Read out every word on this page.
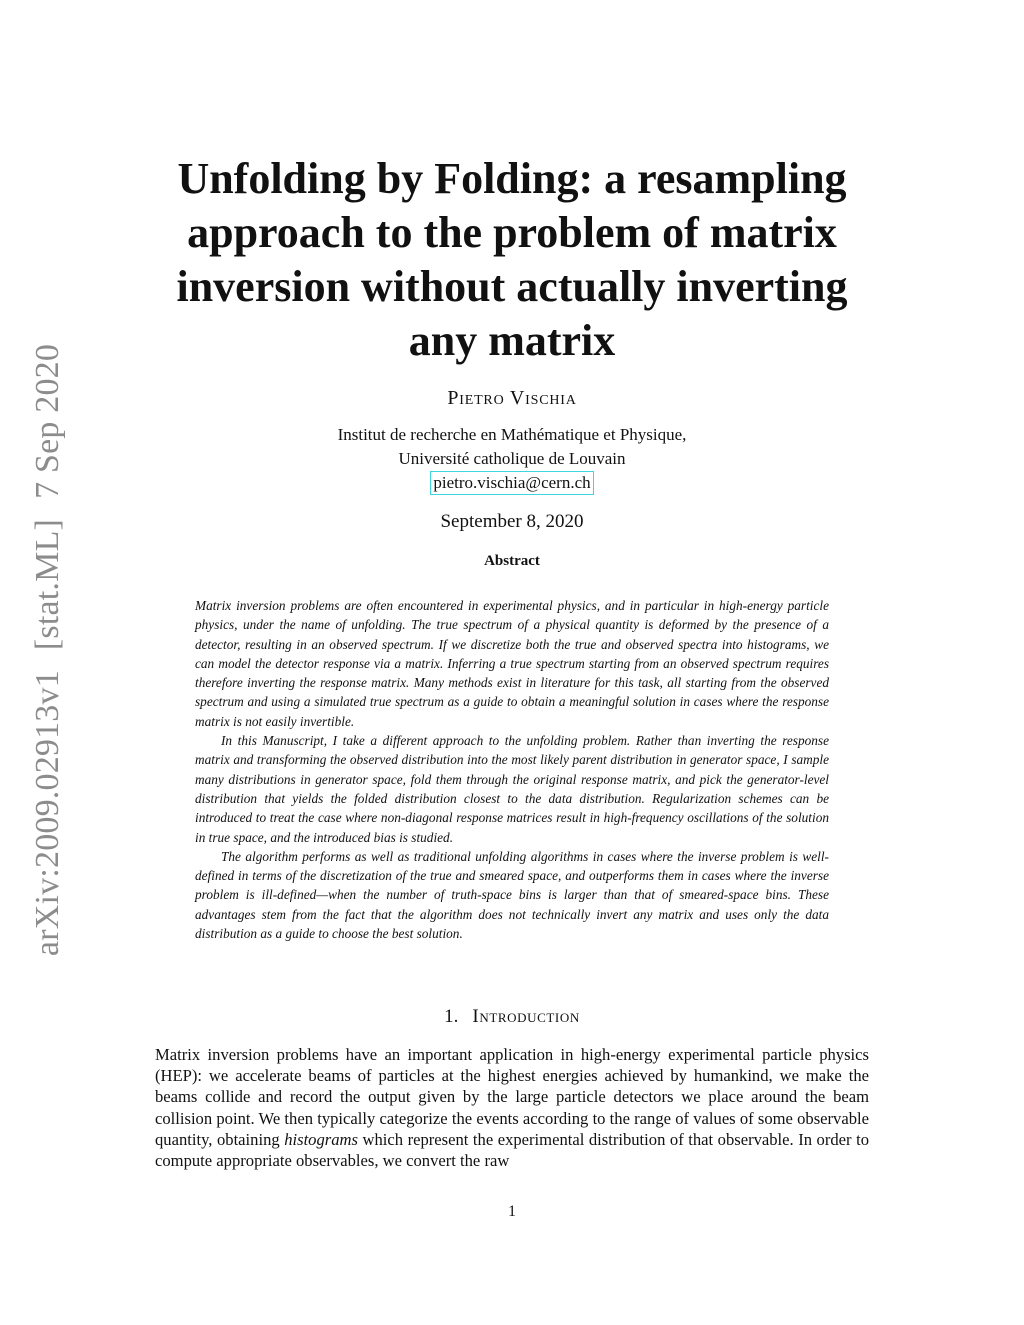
arXiv:2009.02913v1[stat.ML]7 Sep 2020
Unfolding by Folding: a resampling approach to the problem of matrix inversion without actually inverting any matrix
Pietro Vischia
Institut de recherche en Mathématique et Physique,
Université catholique de Louvain
pietro.vischia@cern.ch
September 8, 2020
Abstract

Matrix inversion problems are often encountered in experimental physics, and in particular in high-energy particle physics, under the name of unfolding. The true spectrum of a physical quantity is deformed by the presence of a detector, resulting in an observed spectrum. If we discretize both the true and observed spectra into histograms, we can model the detector response via a matrix. Inferring a true spectrum starting from an observed spectrum requires therefore inverting the response matrix. Many methods exist in literature for this task, all starting from the observed spectrum and using a simulated true spectrum as a guide to obtain a meaningful solution in cases where the response matrix is not easily invertible.

In this Manuscript, I take a different approach to the unfolding problem. Rather than inverting the response matrix and transforming the observed distribution into the most likely parent distribution in generator space, I sample many distributions in generator space, fold them through the original response matrix, and pick the generator-level distribution that yields the folded distribution closest to the data distribution. Regularization schemes can be introduced to treat the case where non-diagonal response matrices result in high-frequency oscillations of the solution in true space, and the introduced bias is studied.

The algorithm performs as well as traditional unfolding algorithms in cases where the inverse problem is well-defined in terms of the discretization of the true and smeared space, and outperforms them in cases where the inverse problem is ill-defined—when the number of truth-space bins is larger than that of smeared-space bins. These advantages stem from the fact that the algorithm does not technically invert any matrix and uses only the data distribution as a guide to choose the best solution.

1. Introduction

Matrix inversion problems have an important application in high-energy experimental particle physics (HEP): we accelerate beams of particles at the highest energies achieved by humankind, we make the beams collide and record the output given by the large particle detectors we place around the beam collision point. We then typically categorize the events according to the range of values of some observable quantity, obtaining histograms which represent the experimental distribution of that observable. In order to compute appropriate observables, we convert the raw

1
